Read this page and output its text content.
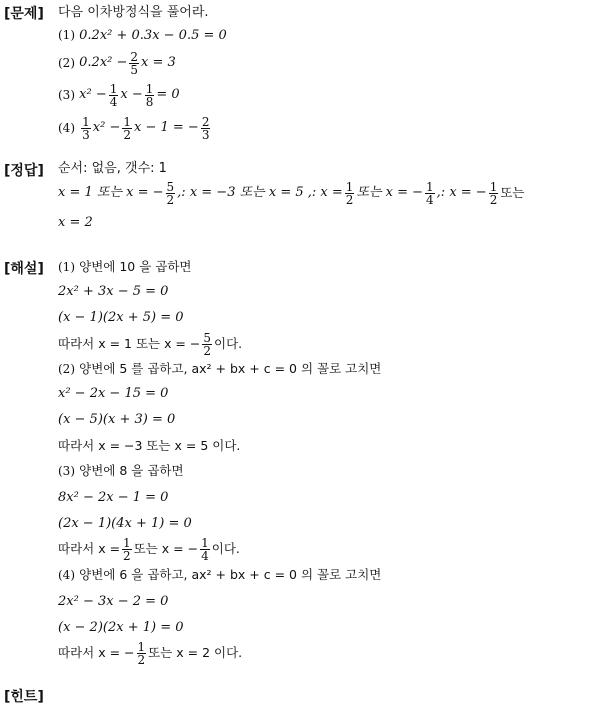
[문제] 다음 이차방정식을 풀어라.
(1) 0.2x² + 0.3x − 0.5 = 0
(2)
$0.2x^2 - \frac{2}{5}$ x = 3
(3)
$x^2 - \frac{1}{4}$ $x - \frac{1}{8} = 0$
(4)
$\frac{1}{3} x^2 - \frac{1}{2}$ x − 1 = − $\frac{2}{3}$
[정답] 순서: 없음, 갯수: 1
x = 1 또는 x = − $\frac{5}{2}$ ,: x = −3 또는 x = 5 ,: $x = \frac{1}{2}$ 또는 x = − $\frac{1}{4}$ ,: x = − $\frac{1}{2}$ 또는
x = 2
[해설] (1) 양변에 10 을 곱하면
2x² + 3x − 5 = 0
(x − 1)(2x + 5) = 0
따라서 x = 1 또는 x = − $\frac{5}{2}$ 이다.
(2) 양변에 5 를 곱하고, ax² + bx + c = 0 의 꼴로 고치면
x² − 2x − 15 = 0
(x − 5)(x + 3) = 0
따라서 x = −3 또는 x = 5 이다.
(3) 양변에 8 을 곱하면
8x² − 2x − 1 = 0
(2x − 1)(4x + 1) = 0
따라서 $x = \frac{1}{2}$ 또는 x = − $\frac{1}{4}$ 이다.
(4) 양변에 6 을 곱하고, ax² + bx + c = 0 의 꼴로 고치면
2x² − 3x − 2 = 0
(x − 2)(2x + 1) = 0
따라서 x = − $\frac{1}{2}$ 또는 x = 2 이다.
[힌트]
